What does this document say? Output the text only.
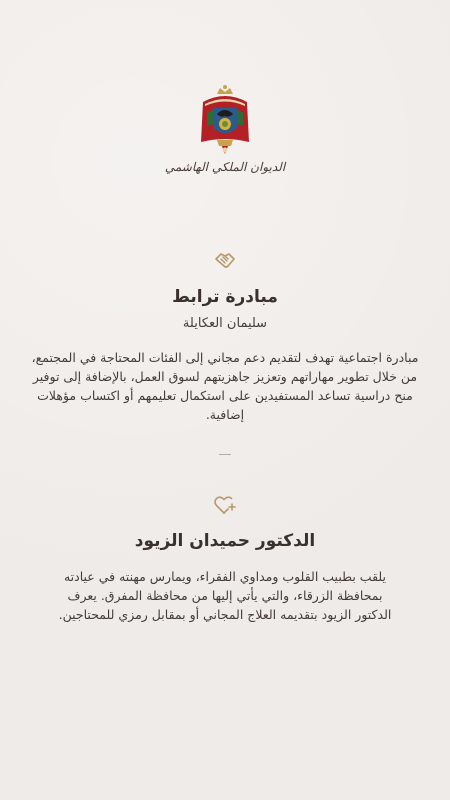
الديوان الملكي الهاشمي
مبادرة ترابط
سليمان العكايلة
مبادرة اجتماعية تهدف لتقديم دعم مجاني إلى الفئات المحتاجة في المجتمع، من خلال تطوير مهاراتهم وتعزيز جاهزيتهم لسوق العمل، بالإضافة إلى توفير منح دراسية تساعد المستفيدين على استكمال تعليمهم أو اكتساب مؤهلات إضافية.
الدكتور حميدان الزيود
يلقب بطبيب القلوب ومداوي الفقراء، ويمارس مهنته في عيادته بمحافظة الزرقاء، والتي يأتي إليها من محافظة المفرق. يعرف الدكتور الزيود بتقديمه العلاج المجاني أو بمقابل رمزي للمحتاجين.
